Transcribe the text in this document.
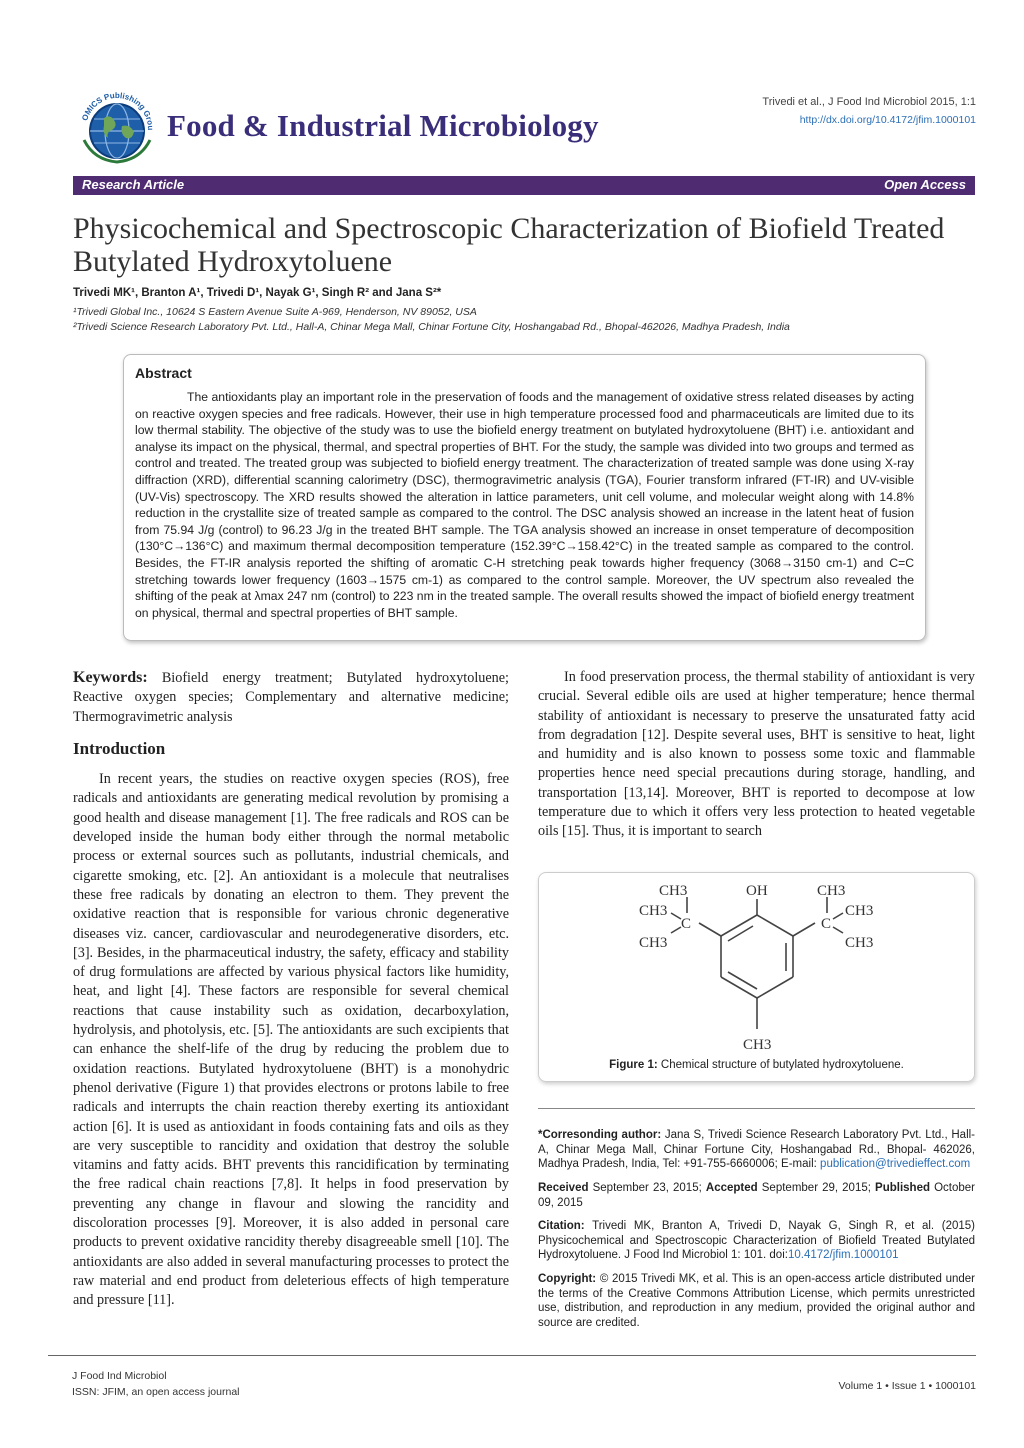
OMICS Publishing Grou Food & Industrial Microbiology
Trivedi et al., J Food Ind Microbiol 2015, 1:1
http://dx.doi.org/10.4172/jfim.1000101
Research Article	Open Access
Physicochemical and Spectroscopic Characterization of Biofield Treated Butylated Hydroxytoluene
Trivedi MK¹, Branton A¹, Trivedi D¹, Nayak G¹, Singh R² and Jana S²*
¹Trivedi Global Inc., 10624 S Eastern Avenue Suite A-969, Henderson, NV 89052, USA
²Trivedi Science Research Laboratory Pvt. Ltd., Hall-A, Chinar Mega Mall, Chinar Fortune City, Hoshangabad Rd., Bhopal-462026, Madhya Pradesh, India
Abstract
The antioxidants play an important role in the preservation of foods and the management of oxidative stress related diseases by acting on reactive oxygen species and free radicals. However, their use in high temperature processed food and pharmaceuticals are limited due to its low thermal stability. The objective of the study was to use the biofield energy treatment on butylated hydroxytoluene (BHT) i.e. antioxidant and analyse its impact on the physical, thermal, and spectral properties of BHT. For the study, the sample was divided into two groups and termed as control and treated. The treated group was subjected to biofield energy treatment. The characterization of treated sample was done using X-ray diffraction (XRD), differential scanning calorimetry (DSC), thermogravimetric analysis (TGA), Fourier transform infrared (FT-IR) and UV-visible (UV-Vis) spectroscopy. The XRD results showed the alteration in lattice parameters, unit cell volume, and molecular weight along with 14.8% reduction in the crystallite size of treated sample as compared to the control. The DSC analysis showed an increase in the latent heat of fusion from 75.94 J/g (control) to 96.23 J/g in the treated BHT sample. The TGA analysis showed an increase in onset temperature of decomposition (130°C→136°C) and maximum thermal decomposition temperature (152.39°C→158.42°C) in the treated sample as compared to the control. Besides, the FT-IR analysis reported the shifting of aromatic C-H stretching peak towards higher frequency (3068→3150 cm-1) and C=C stretching towards lower frequency (1603→1575 cm-1) as compared to the control sample. Moreover, the UV spectrum also revealed the shifting of the peak at λmax 247 nm (control) to 223 nm in the treated sample. The overall results showed the impact of biofield energy treatment on physical, thermal and spectral properties of BHT sample.
Keywords: Biofield energy treatment; Butylated hydroxytoluene; Reactive oxygen species; Complementary and alternative medicine; Thermogravimetric analysis
Introduction
In recent years, the studies on reactive oxygen species (ROS), free radicals and antioxidants are generating medical revolution by promising a good health and disease management [1]. The free radicals and ROS can be developed inside the human body either through the normal metabolic process or external sources such as pollutants, industrial chemicals, and cigarette smoking, etc. [2]. An antioxidant is a molecule that neutralises these free radicals by donating an electron to them. They prevent the oxidative reaction that is responsible for various chronic degenerative diseases viz. cancer, cardiovascular and neurodegenerative disorders, etc. [3]. Besides, in the pharmaceutical industry, the safety, efficacy and stability of drug formulations are affected by various physical factors like humidity, heat, and light [4]. These factors are responsible for several chemical reactions that cause instability such as oxidation, decarboxylation, hydrolysis, and photolysis, etc. [5]. The antioxidants are such excipients that can enhance the shelf-life of the drug by reducing the problem due to oxidation reactions. Butylated hydroxytoluene (BHT) is a monohydric phenol derivative (Figure 1) that provides electrons or protons labile to free radicals and interrupts the chain reaction thereby exerting its antioxidant action [6]. It is used as antioxidant in foods containing fats and oils as they are very susceptible to rancidity and oxidation that destroy the soluble vitamins and fatty acids. BHT prevents this rancidification by terminating the free radical chain reactions [7,8]. It helps in food preservation by preventing any change in flavour and slowing the rancidity and discoloration processes [9]. Moreover, it is also added in personal care products to prevent oxidative rancidity thereby disagreeable smell [10]. The antioxidants are also added in several manufacturing processes to protect the raw material and end product from deleterious effects of high temperature and pressure [11].
In food preservation process, the thermal stability of antioxidant is very crucial. Several edible oils are used at higher temperature; hence thermal stability of antioxidant is necessary to preserve the unsaturated fatty acid from degradation [12]. Despite several uses, BHT is sensitive to heat, light and humidity and is also known to possess some toxic and flammable properties hence need special precautions during storage, handling, and transportation [13,14]. Moreover, BHT is reported to decompose at low temperature due to which it offers very less protection to heated vegetable oils [15]. Thus, it is important to search
CH3	OH	CH3
CH3
C	C
CH3
CH3	CH3
CH3
Figure 1: Chemical structure of butylated hydroxytoluene.
*Corresonding author: Jana S, Trivedi Science Research Laboratory Pvt. Ltd., Hall-A, Chinar Mega Mall, Chinar Fortune City, Hoshangabad Rd., Bhopal- 462026, Madhya Pradesh, India, Tel: +91-755-6660006; E-mail: publication@trivedieffect.com
Received September 23, 2015; Accepted September 29, 2015; Published October 09, 2015
Citation: Trivedi MK, Branton A, Trivedi D, Nayak G, Singh R, et al. (2015) Physicochemical and Spectroscopic Characterization of Biofield Treated Butylated Hydroxytoluene. J Food Ind Microbiol 1: 101. doi:10.4172/jfim.1000101
Copyright: © 2015 Trivedi MK, et al. This is an open-access article distributed under the terms of the Creative Commons Attribution License, which permits unrestricted use, distribution, and reproduction in any medium, provided the original author and source are credited.
J Food Ind Microbiol
ISSN: JFIM, an open access journal	Volume 1 • Issue 1 • 1000101
